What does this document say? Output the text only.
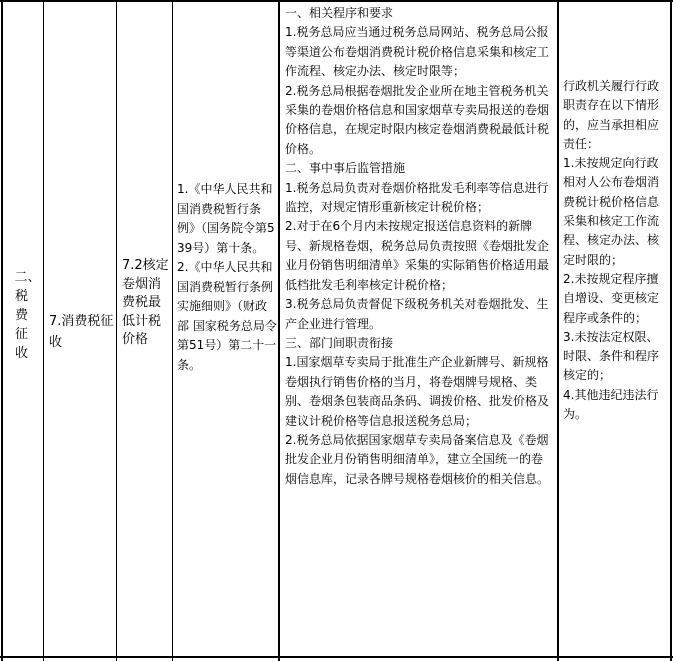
二、税费征收

7.消费税征收

7.2核定卷烟消费税最低计税价格

1.《中华人民共和国消费税暂行条例》（国务院令第539号）第十条。

2.《中华人民共和国消费税暂行条例实施细则》（财政部 国家税务总局令第51号）第二十一条。

一、相关程序和要求

1.税务总局应当通过税务总局网站、税务总局公报等渠道公布卷烟消费税计税价格信息采集和核定工作流程、核定办法、核定时限等；

2.税务总局根据卷烟批发企业所在地主管税务机关采集的卷烟价格信息和国家烟草专卖局报送的卷烟价格信息，在规定时限内核定卷烟消费税最低计税价格。

二、事中事后监管措施

1.税务总局负责对卷烟价格批发毛利率等信息进行监控，对规定情形重新核定计税价格；

2.对于在6个月内未按规定报送信息资料的新牌号、新规格卷烟，税务总局负责按照《卷烟批发企业月份销售明细清单》采集的实际销售价格适用最低档批发毛利率核定计税价格；

3.税务总局负责督促下级税务机关对卷烟批发、生产企业进行管理。

三、部门间职责衔接

1.国家烟草专卖局于批准生产企业新牌号、新规格卷烟执行销售价格的当月，将卷烟牌号规格、类别、卷烟条包装商品条码、调拨价格、批发价格及建议计税价格等信息报送税务总局；

2.税务总局依据国家烟草专卖局备案信息及《卷烟批发企业月份销售明细清单》，建立全国统一的卷烟信息库，记录各牌号规格卷烟核价的相关信息。

行政机关履行行政职责存在以下情形的，应当承担相应责任：

1.未按规定向行政相对人公布卷烟消费税计税价格信息采集和核定工作流程、核定办法、核定时限的；

2.未按规定程序擅自增设、变更核定程序或条件的；

3.未按法定权限、时限、条件和程序核定的；

4.其他违纪违法行为。
